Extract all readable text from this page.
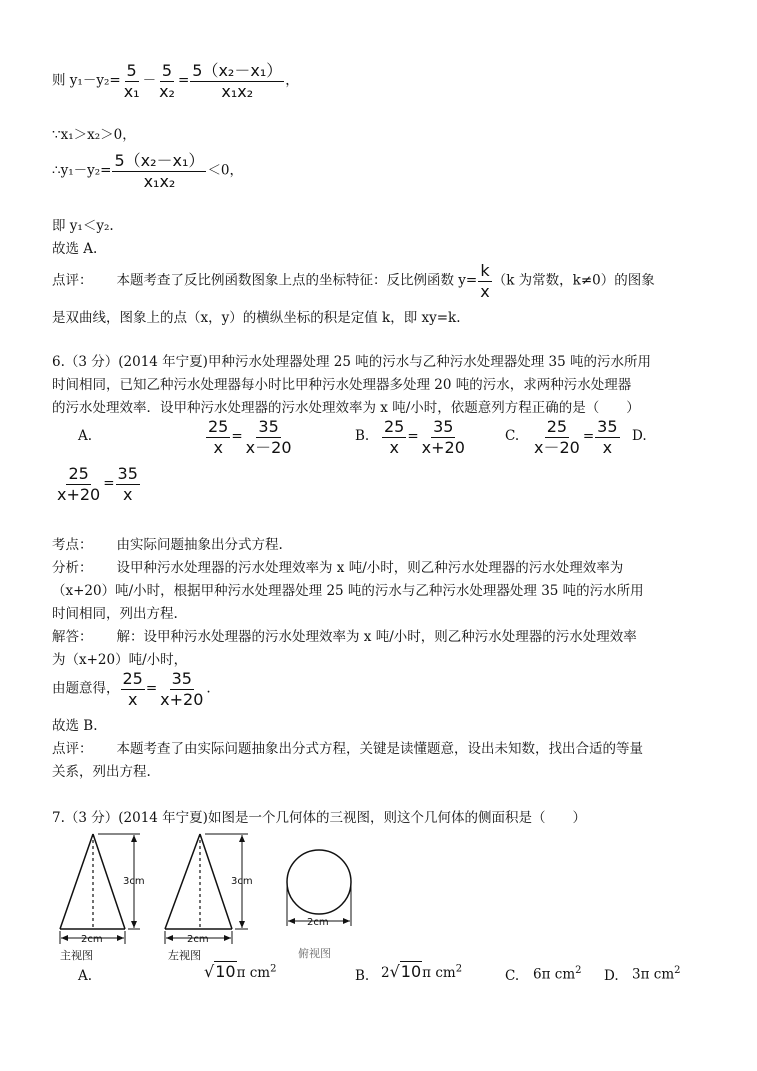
则 $y_1-y_2= \frac{5}{\text{x₁}} - \frac{5}{\text{x₂}} = \frac{\text{5（x₂－x₁）}}{\text{x₁x₂}}$ ，
∵x₁＞x₂＞0，
∴y₁－y₂= $\frac{\text{5（x₂－x₁）}}{\text{x₁x₂}} <0$，
即 y₁＜y₂.
故选 A.
点评： 本题考查了反比例函数图象上点的坐标特征：反比例函数 $y= \frac{k}{x} (k$ 为常数，k≠0）的图象
是双曲线，图象上的点（x，y）的横纵坐标的积是定值 k，即 xy=k.
6.（3 分）(2014 年宁夏)甲种污水处理器处理 25 吨的污水与乙种污水处理器处理 35 吨的污水所用
时间相同，已知乙种污水处理器每小时比甲种污水处理器多处理 20 吨的污水，求两种污水处理器
的污水处理效率．设甲种污水处理器的污水处理效率为 x 吨/小时，依题意列方程正确的是（　　）
A.	$\frac{25}{x} = \frac{35}{x-20}$	B. $\frac{25}{x} = \frac{35}{x+20}$	C. $\frac{25}{x-20} = \frac{35}{x} D$.
$\frac{25}{x+20} = \frac{35}{x}$
考点： 由实际问题抽象出分式方程.
分析： 设甲种污水处理器的污水处理效率为 x 吨/小时，则乙种污水处理器的污水处理效率为
（x+20）吨/小时，根据甲种污水处理器处理 25 吨的污水与乙种污水处理器处理 35 吨的污水所用
时间相同，列出方程.
解答： 解：设甲种污水处理器的污水处理效率为 x 吨/小时，则乙种污水处理器的污水处理效率
为（x+20）吨/小时，
由题意得， $\frac{25}{x} = \frac{35}{x+20}$ .
故选 B.
点评： 本题考查了由实际问题抽象出分式方程，关键是读懂题意，设出未知数，找出合适的等量
关系，列出方程.
7.（3 分）(2014 年宁夏)如图是一个几何体的三视图，则这个几何体的侧面积是（　　）
3cm
2cm
主视图
3cm
2cm
左视图
2cm
俯视图
A.	√10π $cm^2$	B. 2√10π $cm^2$	C. 6π $cm^2$ D. 3π $cm^2$
